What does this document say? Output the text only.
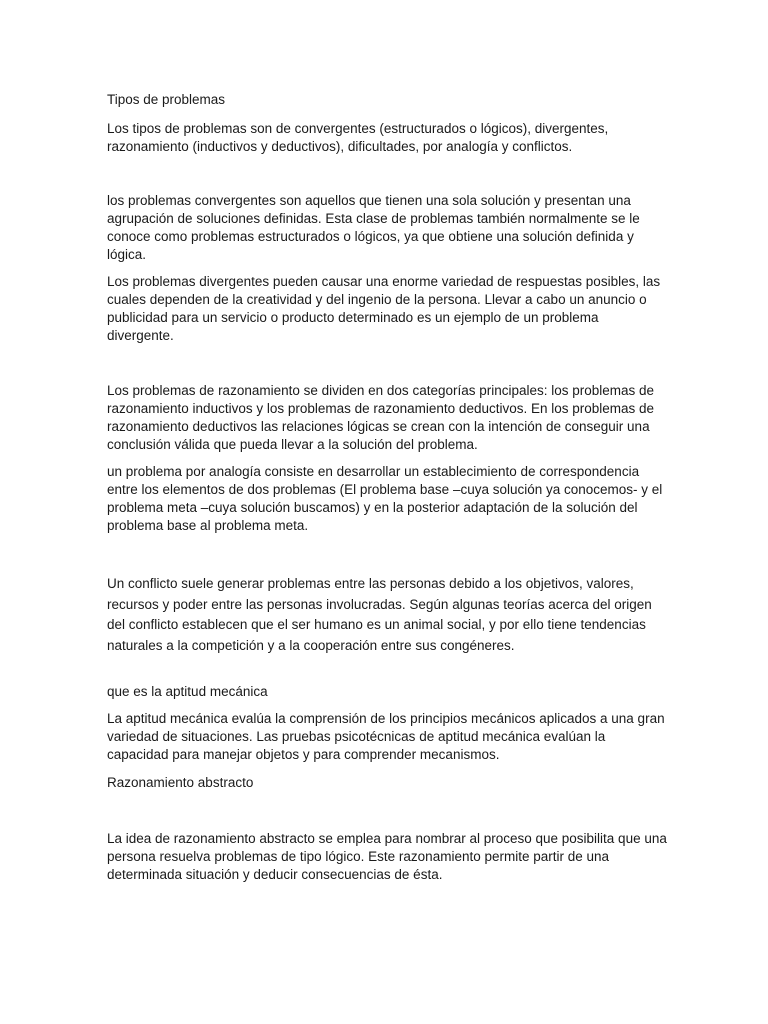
Tipos de problemas

Los tipos de problemas son de convergentes (estructurados o lógicos), divergentes, razonamiento (inductivos y deductivos), dificultades, por analogía y conflictos.

los problemas convergentes son aquellos que tienen una sola solución y presentan una agrupación de soluciones definidas. Esta clase de problemas también normalmente se le conoce como problemas estructurados o lógicos, ya que obtiene una solución definida y lógica.

Los problemas divergentes pueden causar una enorme variedad de respuestas posibles, las cuales dependen de la creatividad y del ingenio de la persona. Llevar a cabo un anuncio o publicidad para un servicio o producto determinado es un ejemplo de un problema divergente.

Los problemas de razonamiento se dividen en dos categorías principales: los problemas de razonamiento inductivos y los problemas de razonamiento deductivos. En los problemas de razonamiento deductivos las relaciones lógicas se crean con la intención de conseguir una conclusión válida que pueda llevar a la solución del problema.

un problema por analogía consiste en desarrollar un establecimiento de correspondencia entre los elementos de dos problemas (El problema base –cuya solución ya conocemos- y el problema meta –cuya solución buscamos) y en la posterior adaptación de la solución del problema base al problema meta.

Un conflicto suele generar problemas entre las personas debido a los objetivos, valores, recursos y poder entre las personas involucradas. Según algunas teorías acerca del origen del conflicto establecen que el ser humano es un animal social, y por ello tiene tendencias naturales a la competición y a la cooperación entre sus congéneres.

que es la aptitud mecánica

La aptitud mecánica evalúa la comprensión de los principios mecánicos aplicados a una gran variedad de situaciones. Las pruebas psicotécnicas de aptitud mecánica evalúan la capacidad para manejar objetos y para comprender mecanismos.

Razonamiento abstracto

La idea de razonamiento abstracto se emplea para nombrar al proceso que posibilita que una persona resuelva problemas de tipo lógico. Este razonamiento permite partir de una determinada situación y deducir consecuencias de ésta.
